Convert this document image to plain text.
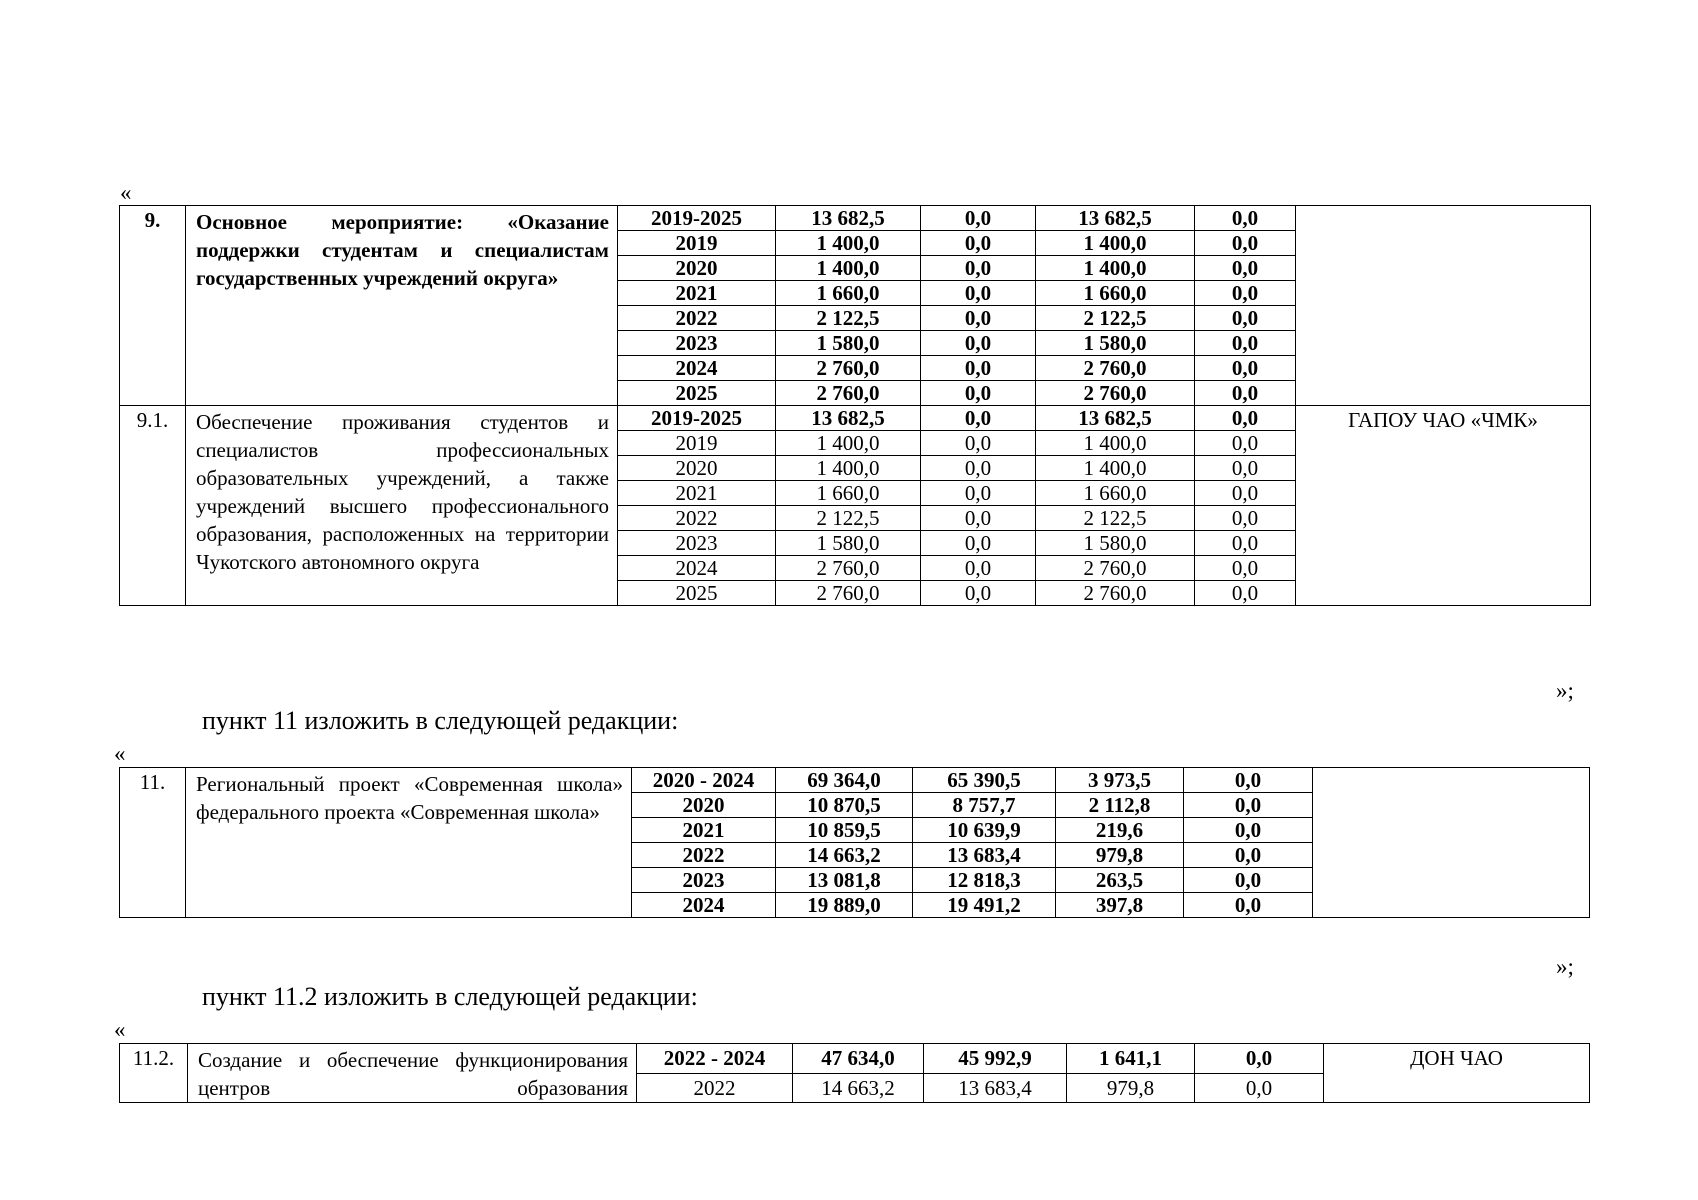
«
9.	Основное мероприятие: «Оказание поддержки студентам и специалистам государственных учреждений округа»	2019-2025	13 682,5	0,0	13 682,5	0,0	
		2019	1 400,0	0,0	1 400,0	0,0	
		2020	1 400,0	0,0	1 400,0	0,0	
		2021	1 660,0	0,0	1 660,0	0,0	
		2022	2 122,5	0,0	2 122,5	0,0	
		2023	1 580,0	0,0	1 580,0	0,0	
		2024	2 760,0	0,0	2 760,0	0,0	
		2025	2 760,0	0,0	2 760,0	0,0	
9.1.	Обеспечение проживания студентов и специалистов профессиональных образовательных учреждений, а также учреждений высшего профессионального образования, расположенных на территории Чукотского автономного округа	2019-2025	13 682,5	0,0	13 682,5	0,0	ГАПОУ ЧАО «ЧМК»
		2019	1 400,0	0,0	1 400,0	0,0	
		2020	1 400,0	0,0	1 400,0	0,0	
		2021	1 660,0	0,0	1 660,0	0,0	
		2022	2 122,5	0,0	2 122,5	0,0	
		2023	1 580,0	0,0	1 580,0	0,0	
		2024	2 760,0	0,0	2 760,0	0,0	
		2025	2 760,0	0,0	2 760,0	0,0	
»;
пункт 11 изложить в следующей редакции:
«
11.	Региональный проект «Современная школа» федерального проекта «Современная школа»	2020 - 2024	69 364,0	65 390,5	3 973,5	0,0	
		2020	10 870,5	8 757,7	2 112,8	0,0	
		2021	10 859,5	10 639,9	219,6	0,0	
		2022	14 663,2	13 683,4	979,8	0,0	
		2023	13 081,8	12 818,3	263,5	0,0	
		2024	19 889,0	19 491,2	397,8	0,0	
»;
пункт 11.2 изложить в следующей редакции:
«
11.2.	Создание и обеспечение функционирования центров образования	2022 - 2024	47 634,0	45 992,9	1 641,1	0,0	ДОН ЧАО
		2022	14 663,2	13 683,4	979,8	0,0	
